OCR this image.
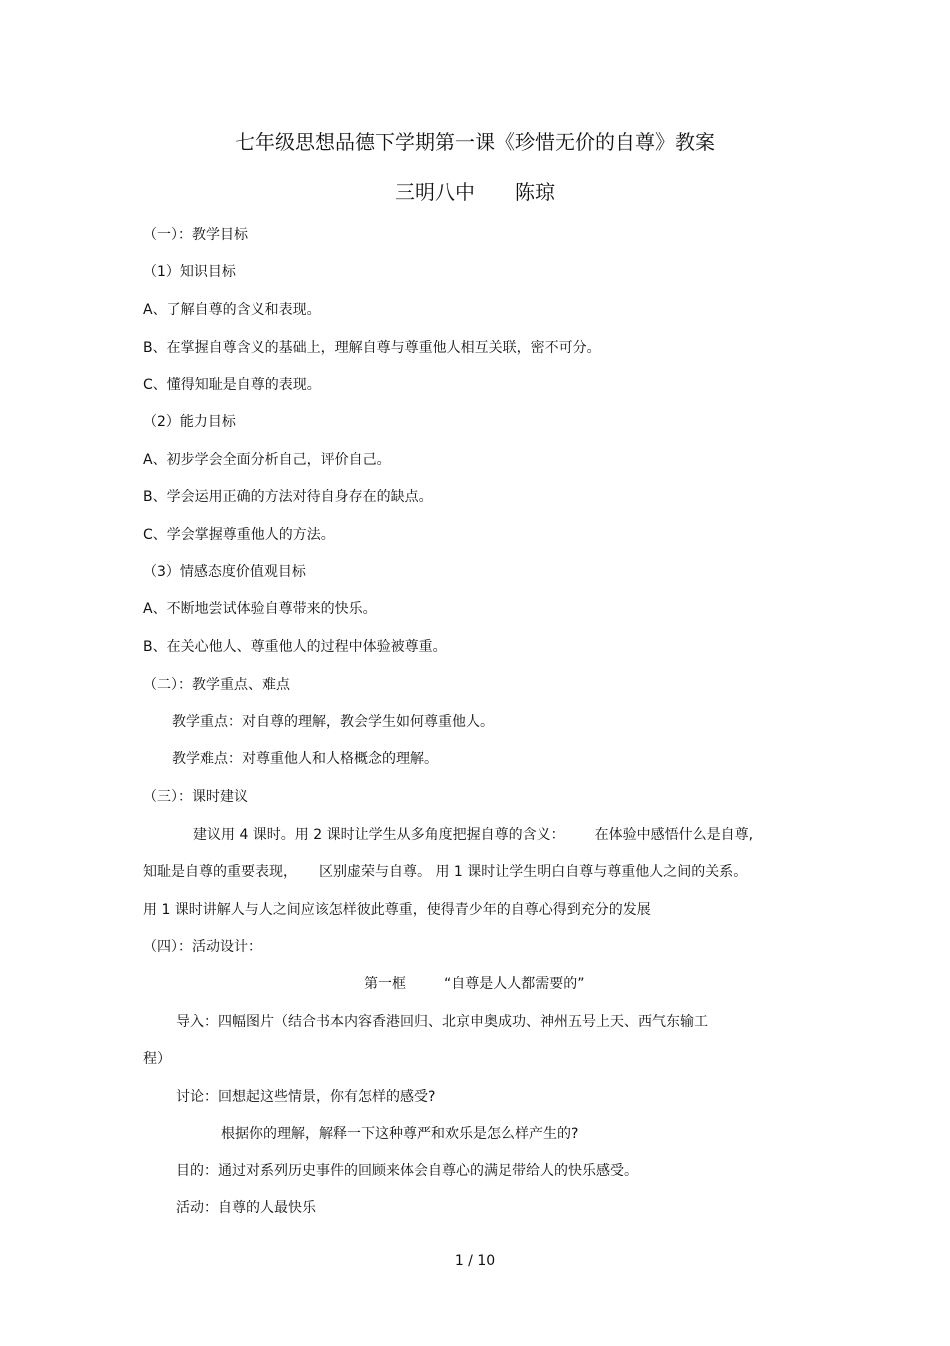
七年级思想品德下学期第一课《珍惜无价的自尊》教案
三明八中 陈琼
（一）：教学目标
（1）知识目标
A、了解自尊的含义和表现。
B、在掌握自尊含义的基础上，理解自尊与尊重他人相互关联，密不可分。
C、懂得知耻是自尊的表现。
（2）能力目标
A、初步学会全面分析自己，评价自己。
B、学会运用正确的方法对待自身存在的缺点。
C、学会掌握尊重他人的方法。
（3）情感态度价值观目标
A、不断地尝试体验自尊带来的快乐。
B、在关心他人、尊重他人的过程中体验被尊重。
（二）：教学重点、难点
教学重点：对自尊的理解，教会学生如何尊重他人。
教学难点：对尊重他人和人格概念的理解。
（三）：课时建议
建议用 4 课时。用 2 课时让学生从多角度把握自尊的含义： 在体验中感悟什么是自尊,
知耻是自尊的重要表现， 区别虚荣与自尊。 用 1 课时让学生明白自尊与尊重他人之间的关系。
用 1 课时讲解人与人之间应该怎样彼此尊重，使得青少年的自尊心得到充分的发展
（四）：活动设计：
第一框	“自尊是人人都需要的”
导入：四幅图片（结合书本内容香港回归、北京申奥成功、神州五号上天、西气东输工
程）
讨论：回想起这些情景，你有怎样的感受?
根据你的理解，解释一下这种尊严和欢乐是怎么样产生的?
目的：通过对系列历史事件的回顾来体会自尊心的满足带给人的快乐感受。
活动：自尊的人最快乐
1 / 10
